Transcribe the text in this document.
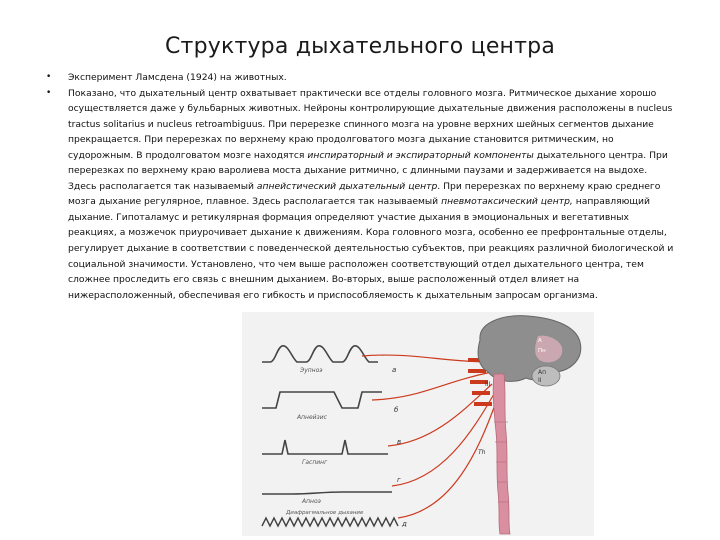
Структура дыхательного центра
• Эксперимент Ламсдена (1924) на животных.
• Показано, что дыхательный центр охватывает практически все отделы головного мозга. Ритмическое дыхание хорошо осуществляется даже у бульбарных животных. Нейроны контролирующие дыхательные движения расположены в nucleus tractus solitarius и nucleus retroambiguus. При перерезке спинного мозга на уровне верхних шейных сегментов дыхание прекращается. При перерезках по верхнему краю продолговатого мозга дыхание становится ритмическим, но судорожным. В продолговатом мозге находятся инспираторный и экспираторный компоненты дыхательного центра. При перерезках по верхнему краю варолиева моста дыхание ритмично, с длинными паузами и задерживается на выдохе. Здесь располагается так называемый апнейстический дыхательный центр. При перерезках по верхнему краю среднего мозга дыхание регулярное, плавное. Здесь располагается так называемый пневмотаксический центр, направляющий дыхание. Гипоталамус и ретикулярная формация определяют участие дыхания в эмоциональных и вегетативных реакциях, а мозжечок приурочивает дыхание к движениям. Кора головного мозга, особенно ее префронтальные отделы, регулирует дыхание в соответствии с поведенческой деятельностью субъектов, при реакциях различной биологической и социальной значимости. Установлено, что чем выше расположен соответствующий отдел дыхательного центра, тем сложнее проследить его связь с внешним дыханием. Во-вторых, выше расположенный отдел влияет на нижерасположенный, обеспечивая его гибкость и приспособляемость к дыхательным запросам организма.
Эупноэ
Апнейзис
Гаспинг
Апноэ
Диафрагмальное дыхание
а
б
в
г
д
А
Пн
Ап
II
III
Тh
